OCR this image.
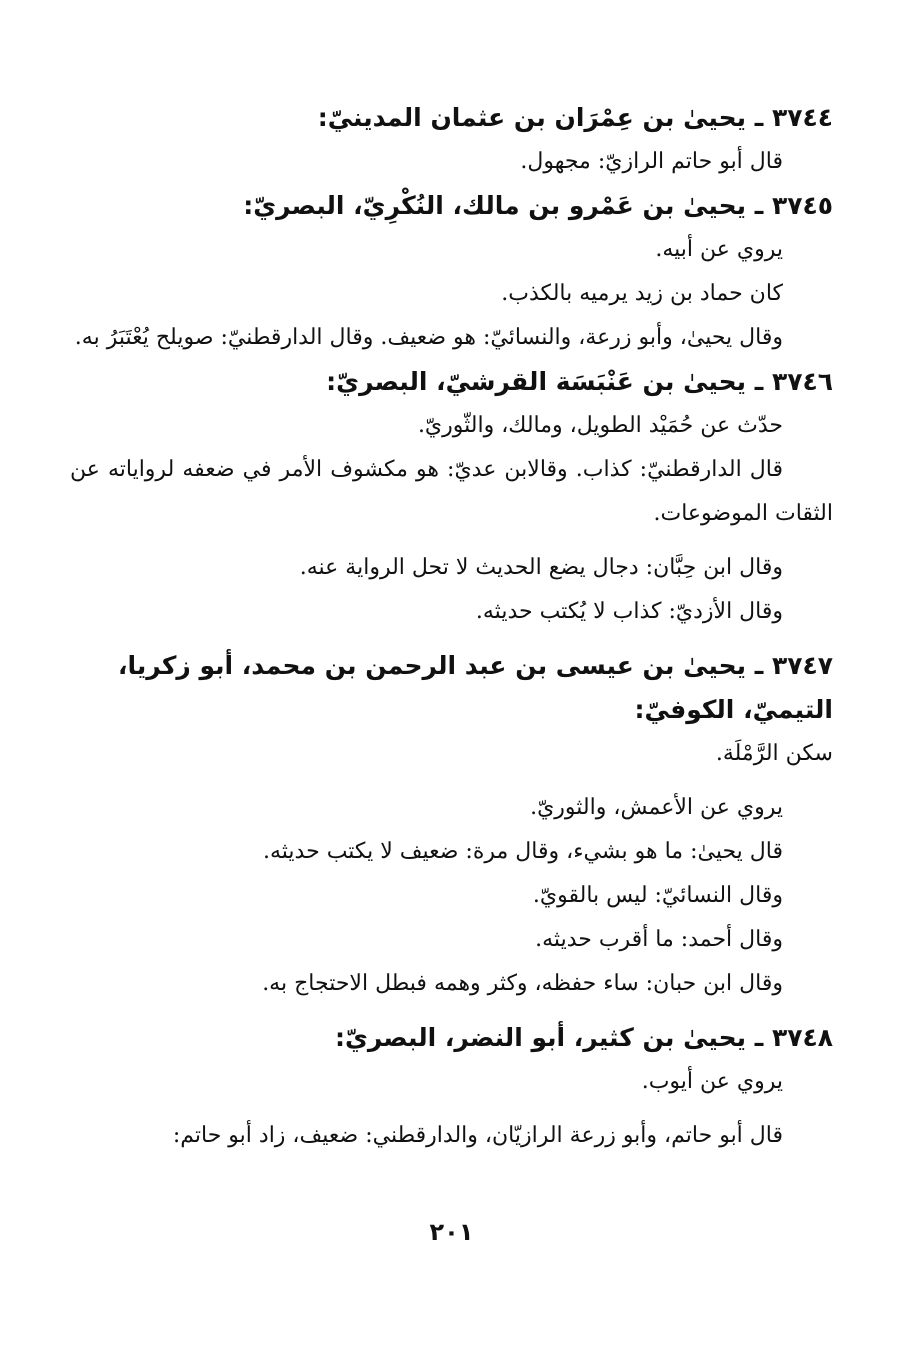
٣٧٤٤ ـ يحيىٰ بن عِمْرَان بن عثمان المدينيّ:
قال أبو حاتم الرازيّ: مجهول.
٣٧٤٥ ـ يحيىٰ بن عَمْرو بن مالك، النُكْرِيّ، البصريّ:
يروي عن أبيه.
كان حماد بن زيد يرميه بالكذب.
وقال يحيىٰ، وأبو زرعة، والنسائيّ: هو ضعيف. وقال الدارقطنيّ: صويلح يُعْتَبَرُ به.
٣٧٤٦ ـ يحيىٰ بن عَنْبَسَة القرشيّ، البصريّ:
حدّث عن حُمَيْد الطويل، ومالك، والثّوريّ.
قال الدارقطنيّ: كذاب. وقالابن عديّ: هو مكشوف الأمر في ضعفه لرواياته عن الثقات الموضوعات.
وقال ابن حِبَّان: دجال يضع الحديث لا تحل الرواية عنه.
وقال الأزديّ: كذاب لا يُكتب حديثه.
٣٧٤٧ ـ يحيىٰ بن عيسى بن عبد الرحمن بن محمد، أبو زكريا، التيميّ، الكوفيّ:
سكن الرَّمْلَة.
يروي عن الأعمش، والثوريّ.
قال يحيىٰ: ما هو بشيء، وقال مرة: ضعيف لا يكتب حديثه.
وقال النسائيّ: ليس بالقويّ.
وقال أحمد: ما أقرب حديثه.
وقال ابن حبان: ساء حفظه، وكثر وهمه فبطل الاحتجاج به.
٣٧٤٨ ـ يحيىٰ بن كثير، أبو النضر، البصريّ:
يروي عن أيوب.
قال أبو حاتم، وأبو زرعة الرازيّان، والدارقطني: ضعيف، زاد أبو حاتم:
٢٠١
